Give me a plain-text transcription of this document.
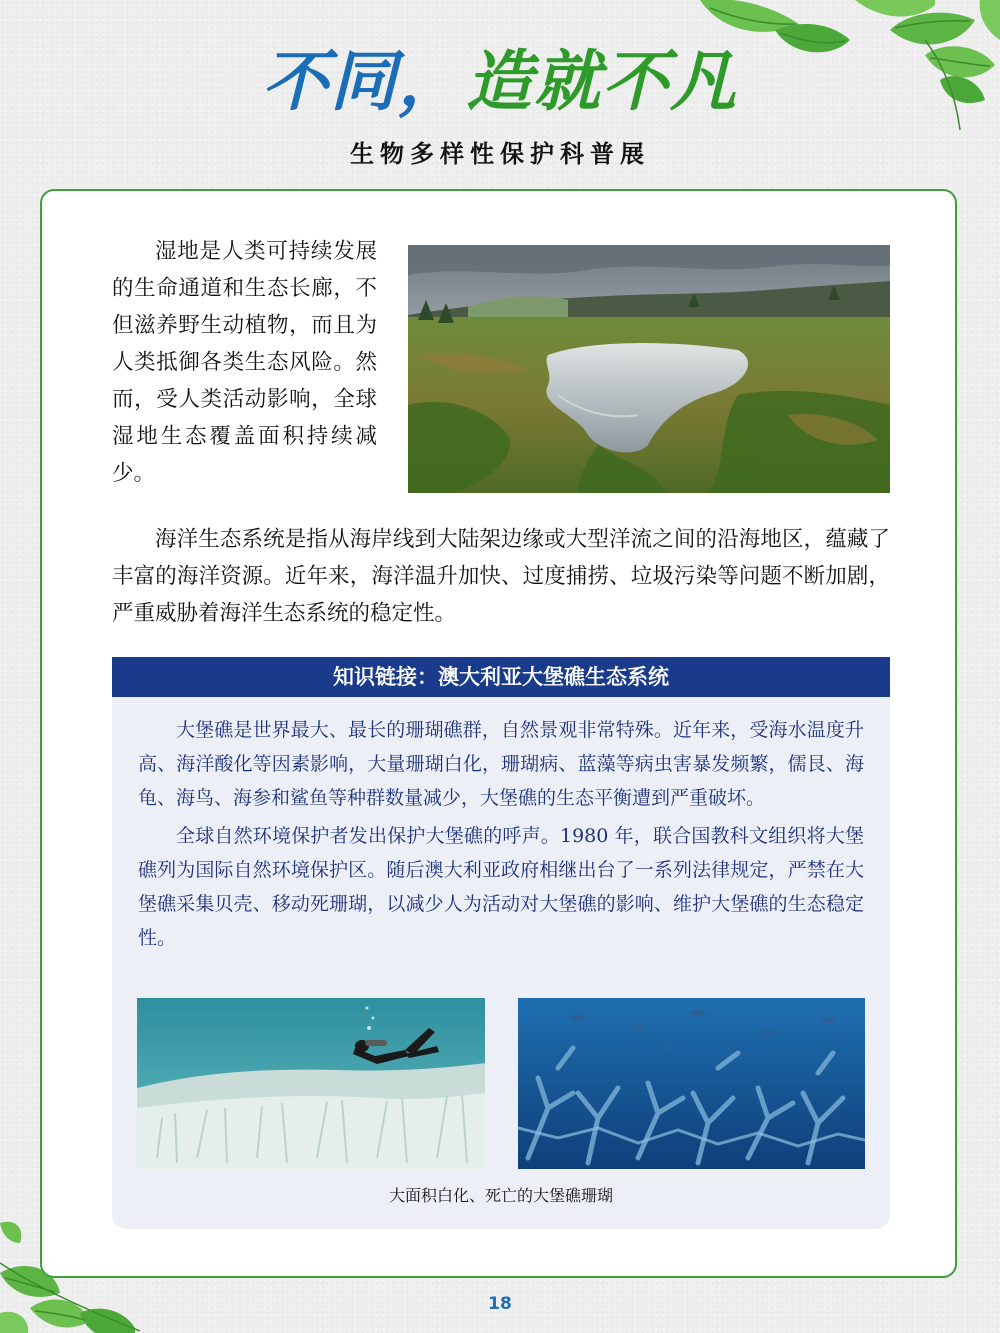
不同，造就不凡
生物多样性保护科普展

湿地是人类可持续发展的生命通道和生态长廊，不但滋养野生动植物，而且为人类抵御各类生态风险。然而，受人类活动影响，全球湿地生态覆盖面积持续减少。

海洋生态系统是指从海岸线到大陆架边缘或大型洋流之间的沿海地区，蕴藏了丰富的海洋资源。近年来，海洋温升加快、过度捕捞、垃圾污染等问题不断加剧，严重威胁着海洋生态系统的稳定性。

知识链接：澳大利亚大堡礁生态系统

大堡礁是世界最大、最长的珊瑚礁群，自然景观非常特殊。近年来，受海水温度升高、海洋酸化等因素影响，大量珊瑚白化，珊瑚病、蓝藻等病虫害暴发频繁，儒艮、海龟、海鸟、海参和鲨鱼等种群数量减少，大堡礁的生态平衡遭到严重破坏。

全球自然环境保护者发出保护大堡礁的呼声。1980 年，联合国教科文组织将大堡礁列为国际自然环境保护区。随后澳大利亚政府相继出台了一系列法律规定，严禁在大堡礁采集贝壳、移动死珊瑚，以减少人为活动对大堡礁的影响、维护大堡礁的生态稳定性。

大面积白化、死亡的大堡礁珊瑚
18
